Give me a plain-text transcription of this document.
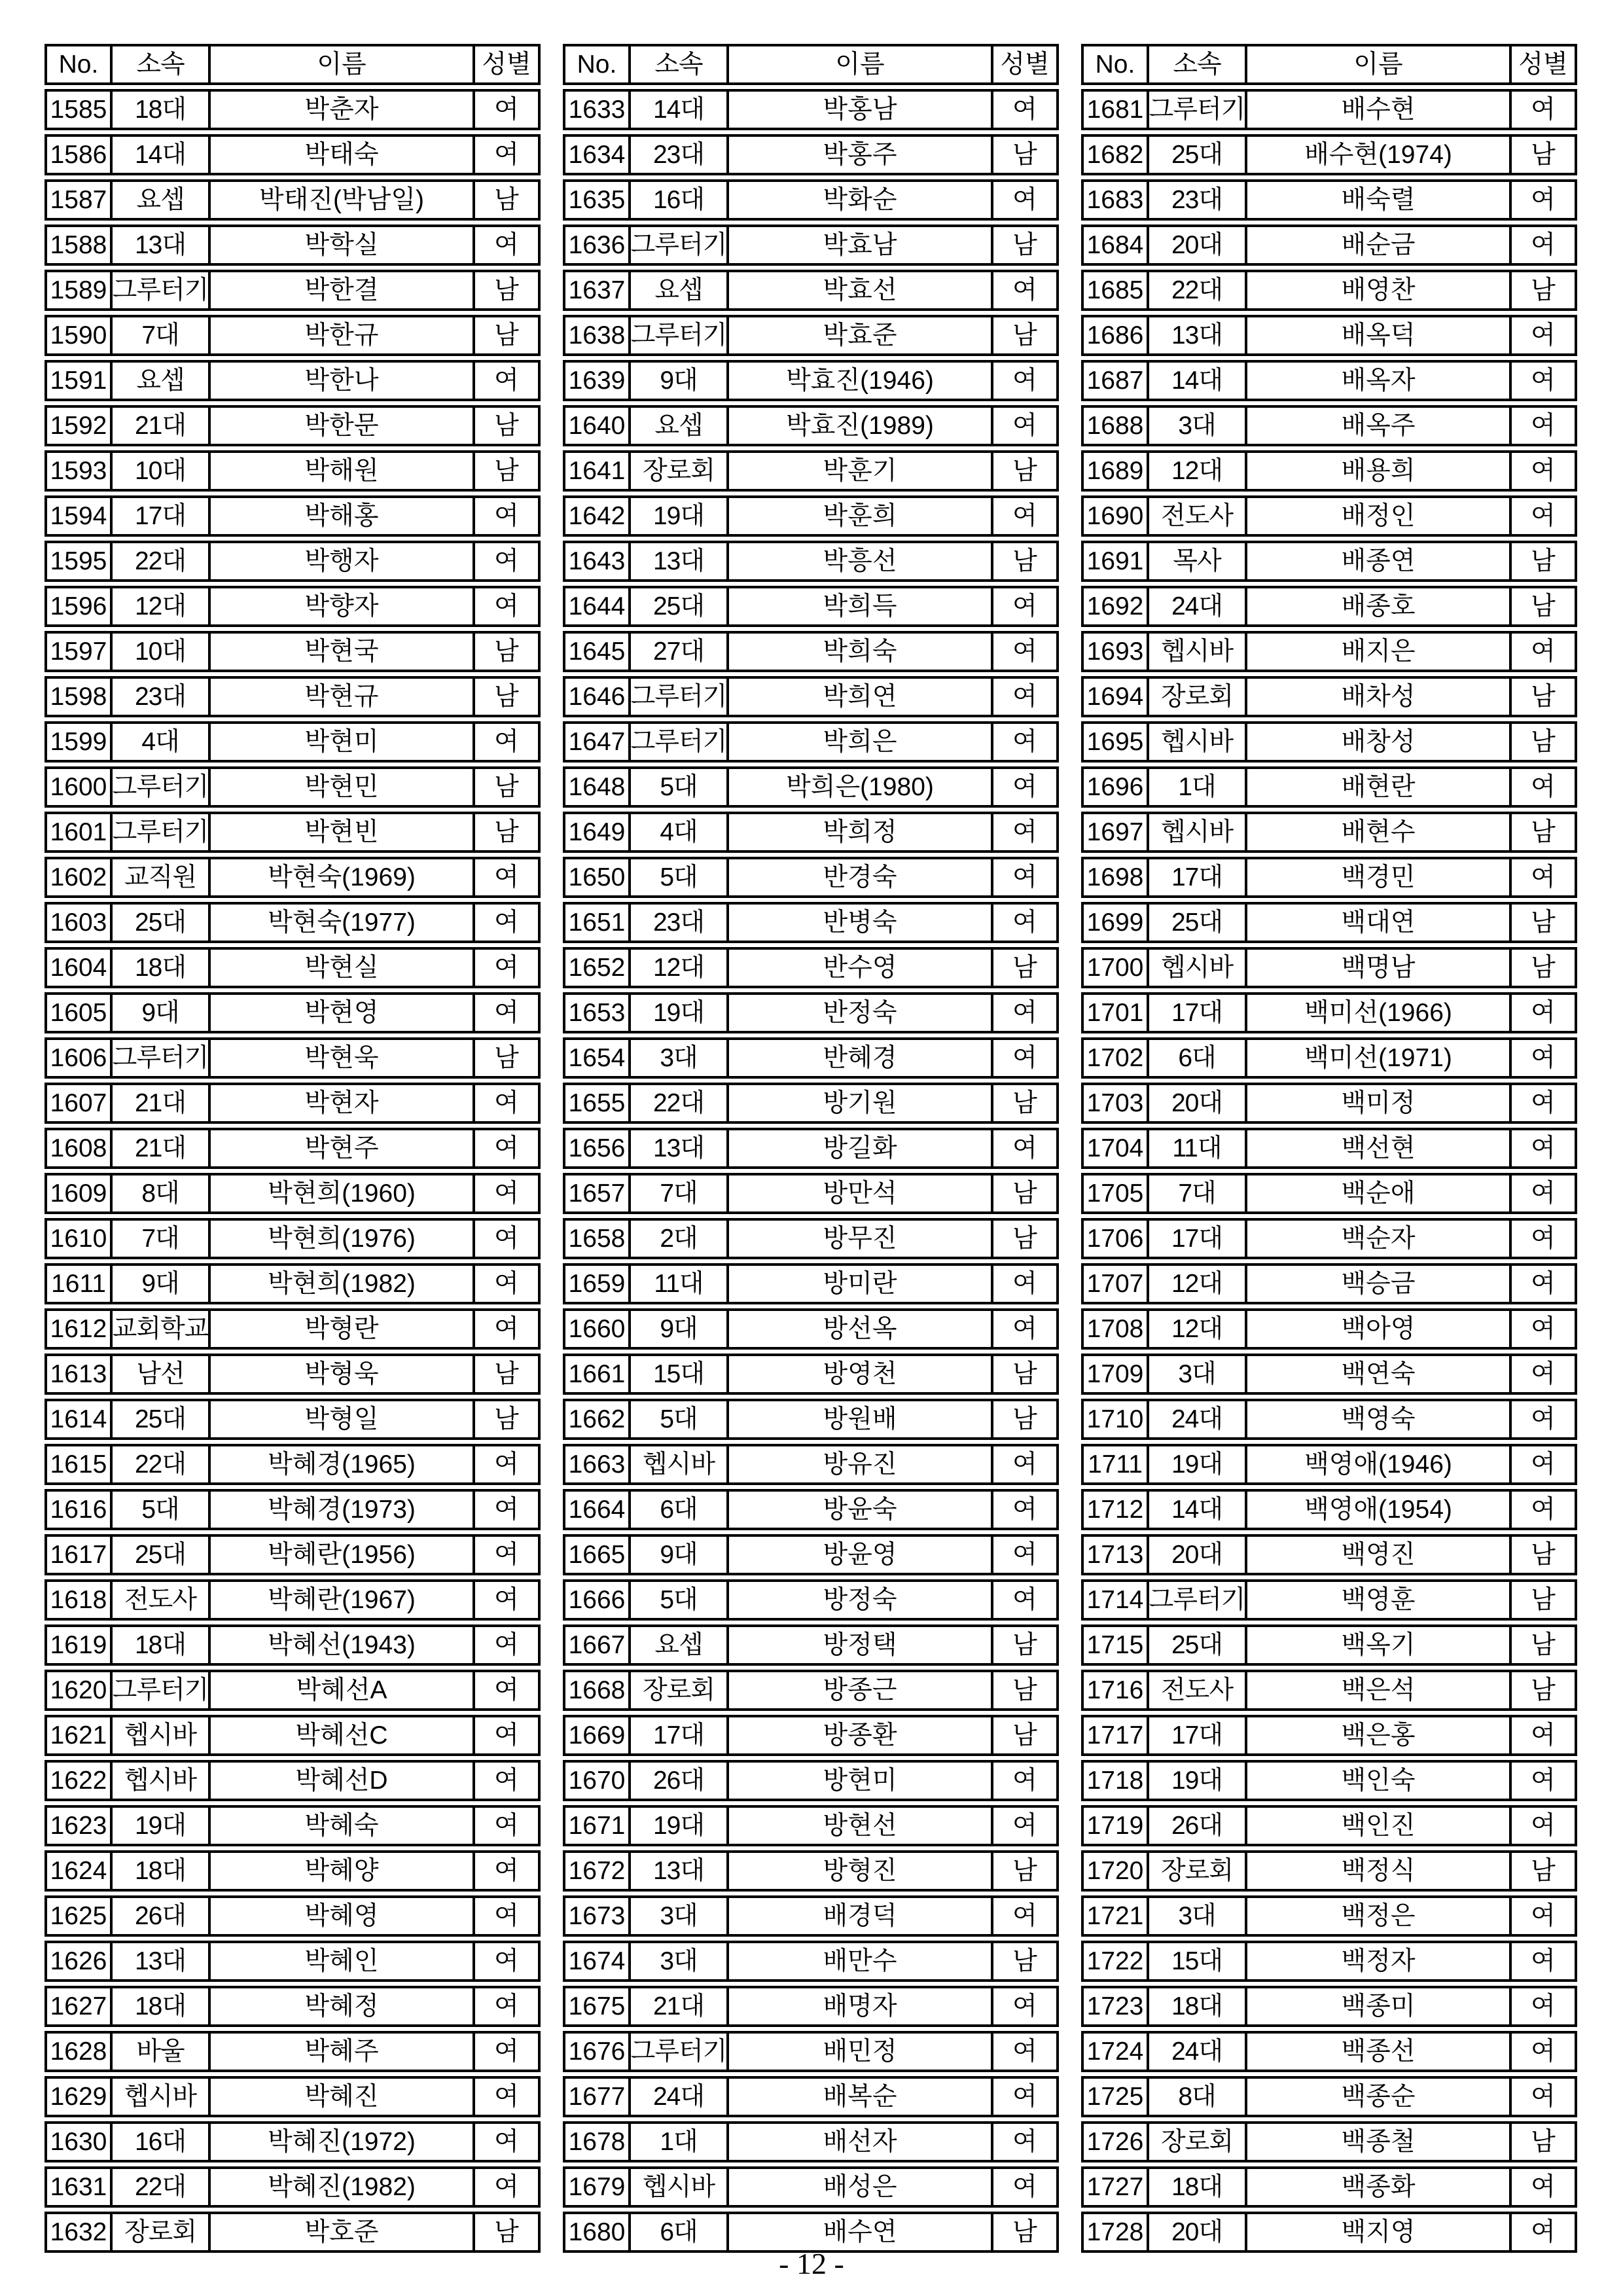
No.	소속	이름	성별
1585	18대	박춘자	여
1586	14대	박태숙	여
1587	요셉	박태진(박남일)	남
1588	13대	박학실	여
1589 그루터기	박한결	남
1590	7대	박한규	남
1591	요셉	박한나	여
1592	21대	박한문	남
1593	10대	박해원	남
1594	17대	박해홍	여
1595	22대	박행자	여
1596	12대	박향자	여
1597	10대	박현국	남
1598	23대	박현규	남
1599	4대	박현미	여
1600 그루터기	박현민	남
1601 그루터기	박현빈	남
1602 교직원	박현숙(1969)	여
1603	25대	박현숙(1977)	여
1604	18대	박현실	여
1605	9대	박현영	여
1606 그루터기	박현욱	남
1607	21대	박현자	여
1608	21대	박현주	여
1609	8대	박현희(1960)	여
1610	7대	박현희(1976)	여
1611	9대	박현희(1982)	여
1612 교회학교	박형란	여
1613	남선	박형욱	남
1614	25대	박형일	남
1615	22대	박혜경(1965)	여
1616	5대	박혜경(1973)	여
1617	25대	박혜란(1956)	여
1618 전도사	박혜란(1967)	여
1619	18대	박혜선(1943)	여
1620 그루터기	박혜선A	여
1621 헵시바	박혜선C	여
1622 헵시바	박혜선D	여
1623	19대	박혜숙	여
1624	18대	박혜양	여
1625	26대	박혜영	여
1626	13대	박혜인	여
1627	18대	박혜정	여
1628	바울	박혜주	여
1629 헵시바	박혜진	여
1630	16대	박혜진(1972)	여
1631	22대	박혜진(1982)	여
1632 장로회	박호준	남
No.	소속	이름	성별
1633	14대	박홍남	여
1634	23대	박홍주	남
1635	16대	박화순	여
1636 그루터기	박효남	남
1637	요셉	박효선	여
1638 그루터기	박효준	남
1639	9대	박효진(1946)	여
1640	요셉	박효진(1989)	여
1641 장로회	박훈기	남
1642	19대	박훈희	여
1643	13대	박흥선	남
1644	25대	박희득	여
1645	27대	박희숙	여
1646 그루터기	박희연	여
1647 그루터기	박희은	여
1648	5대	박희은(1980)	여
1649	4대	박희정	여
1650	5대	반경숙	여
1651	23대	반병숙	여
1652	12대	반수영	남
1653	19대	반정숙	여
1654	3대	반혜경	여
1655	22대	방기원	남
1656	13대	방길화	여
1657	7대	방만석	남
1658	2대	방무진	남
1659	11대	방미란	여
1660	9대	방선옥	여
1661	15대	방영천	남
1662	5대	방원배	남
1663 헵시바	방유진	여
1664	6대	방윤숙	여
1665	9대	방윤영	여
1666	5대	방정숙	여
1667	요셉	방정택	남
1668 장로회	방종근	남
1669	17대	방종환	남
1670	26대	방현미	여
1671	19대	방현선	여
1672	13대	방형진	남
1673	3대	배경덕	여
1674	3대	배만수	남
1675	21대	배명자	여
1676 그루터기	배민정	여
1677	24대	배복순	여
1678	1대	배선자	여
1679 헵시바	배성은	여
1680	6대	배수연	남
No.	소속	이름	성별
1681 그루터기	배수현	여
1682	25대	배수현(1974)	남
1683	23대	배숙렬	여
1684	20대	배순금	여
1685	22대	배영찬	남
1686	13대	배옥덕	여
1687	14대	배옥자	여
1688	3대	배옥주	여
1689	12대	배용희	여
1690 전도사	배정인	여
1691	목사	배종연	남
1692	24대	배종호	남
1693 헵시바	배지은	여
1694 장로회	배차성	남
1695 헵시바	배창성	남
1696	1대	배현란	여
1697 헵시바	배현수	남
1698	17대	백경민	여
1699	25대	백대연	남
1700 헵시바	백명남	남
1701	17대	백미선(1966)	여
1702	6대	백미선(1971)	여
1703	20대	백미정	여
1704	11대	백선현	여
1705	7대	백순애	여
1706	17대	백순자	여
1707	12대	백승금	여
1708	12대	백아영	여
1709	3대	백연숙	여
1710	24대	백영숙	여
1711	19대	백영애(1946)	여
1712	14대	백영애(1954)	여
1713	20대	백영진	남
1714 그루터기	백영훈	남
1715	25대	백옥기	남
1716 전도사	백은석	남
1717	17대	백은홍	여
1718	19대	백인숙	여
1719	26대	백인진	여
1720 장로회	백정식	남
1721	3대	백정은	여
1722	15대	백정자	여
1723	18대	백종미	여
1724	24대	백종선	여
1725	8대	백종순	여
1726 장로회	백종철	남
1727	18대	백종화	여
1728	20대	백지영	여
- 12 -
